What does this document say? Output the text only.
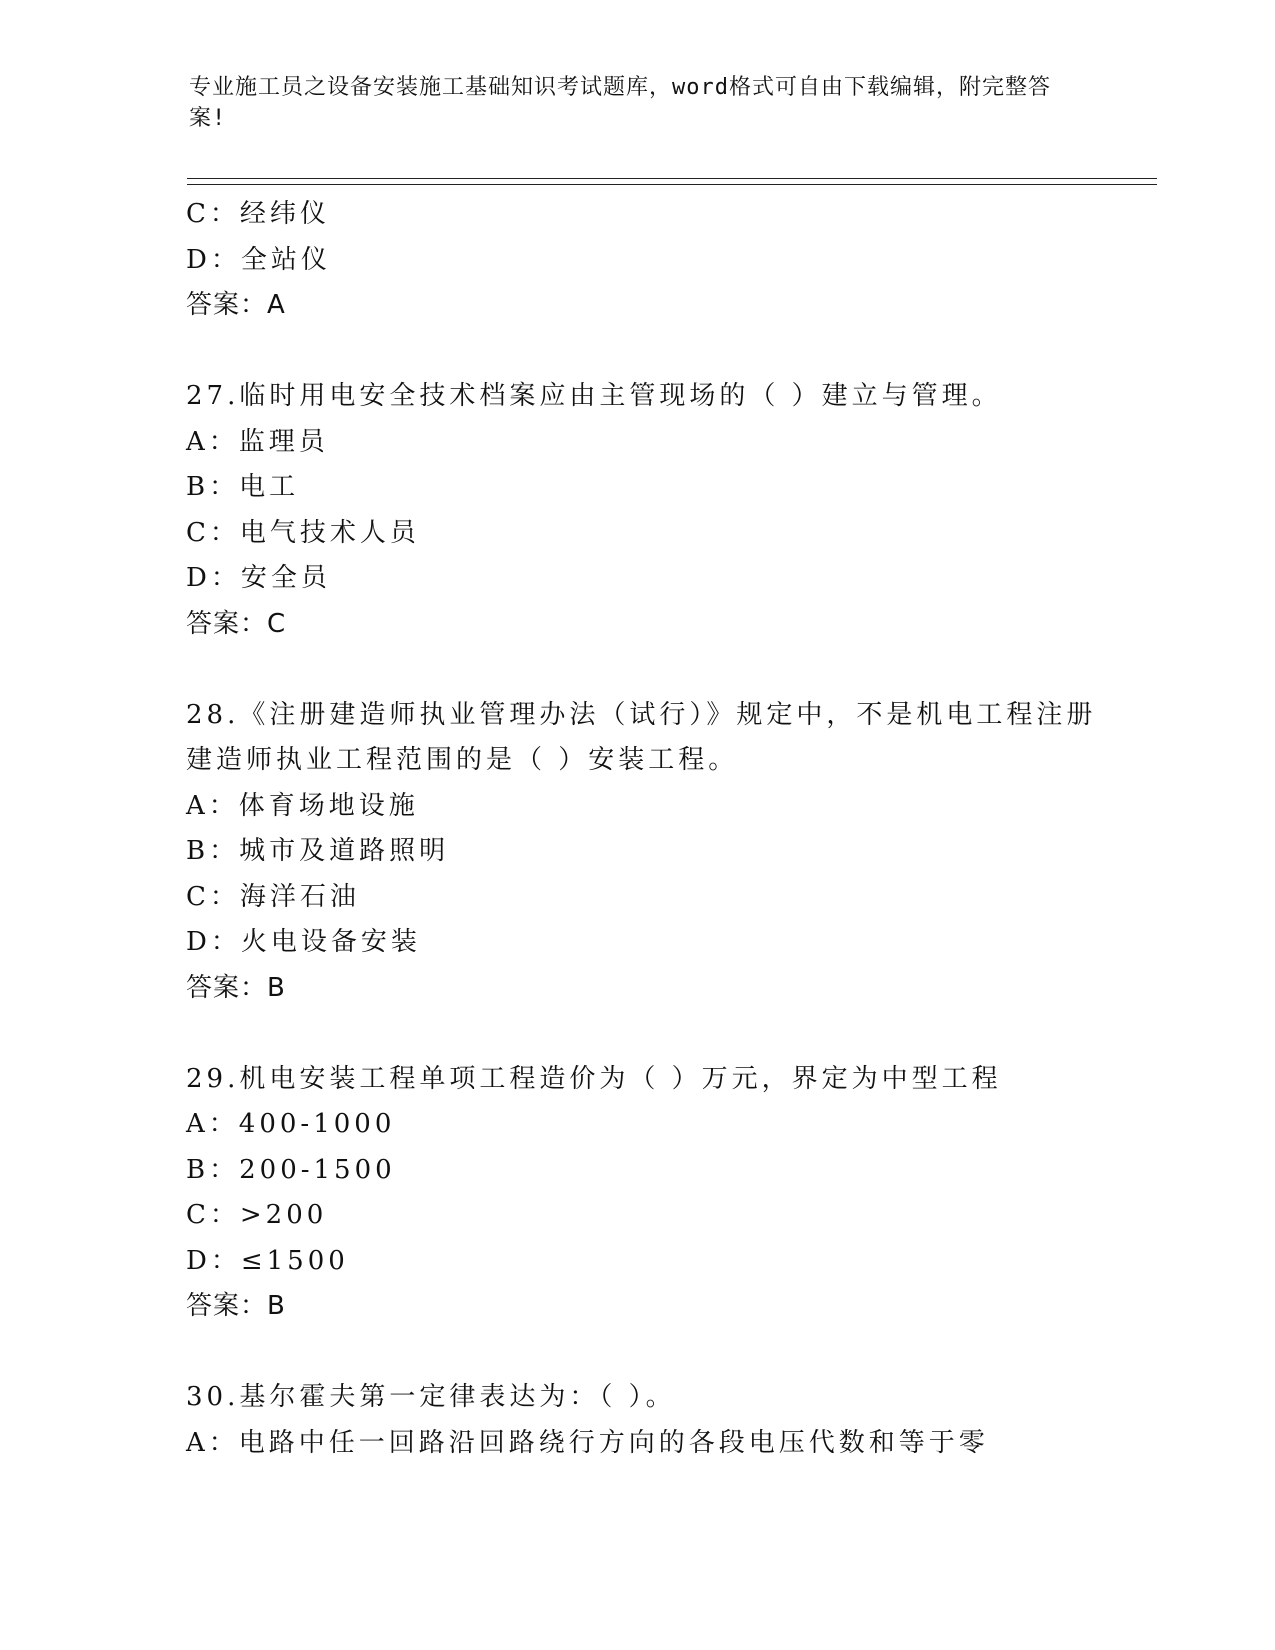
专业施工员之设备安装施工基础知识考试题库，word格式可自由下载编辑，附完整答案!
C：经纬仪
D：全站仪
答案：A
27.临时用电安全技术档案应由主管现场的（ ）建立与管理。
A：监理员
B：电工
C：电气技术人员
D：安全员
答案：C
28.《注册建造师执业管理办法（试行）》规定中，不是机电工程注册
建造师执业工程范围的是（ ）安装工程。
A：体育场地设施
B：城市及道路照明
C：海洋石油
D：火电设备安装
答案：B
29.机电安装工程单项工程造价为（ ）万元，界定为中型工程
A：400-1000
B：200-1500
C：>200
D：≤1500
答案：B
30.基尔霍夫第一定律表达为：（ ）。
A：电路中任一回路沿回路绕行方向的各段电压代数和等于零
